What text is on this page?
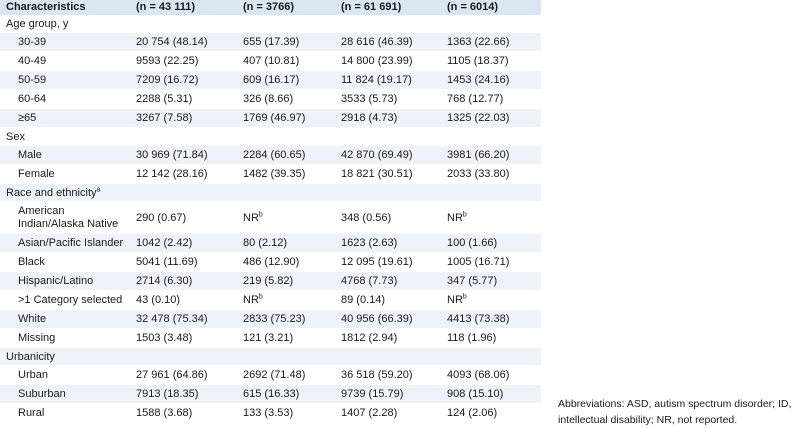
Characteristics	(n = 43 111)	(n = 3766)	(n = 61 691)	(n = 6014)
Age group, y				
30-39	20 754 (48.14)	655 (17.39)	28 616 (46.39)	1363 (22.66)
40-49	9593 (22.25)	407 (10.81)	14 800 (23.99)	1105 (18.37)
50-59	7209 (16.72)	609 (16.17)	11 824 (19.17)	1453 (24.16)
60-64	2288 (5.31)	326 (8.66)	3533 (5.73)	768 (12.77)
≥65	3267 (7.58)	1769 (46.97)	2918 (4.73)	1325 (22.03)
Sex				
Male	30 969 (71.84)	2284 (60.65)	42 870 (69.49)	3981 (66.20)
Female	12 142 (28.16)	1482 (39.35)	18 821 (30.51)	2033 (33.80)
Race and ethnicity$^a$
American Indian/Alaska Native	290 (0.67)	$NR^b$	348 (0.56)	$NR^b$
Asian/Pacific Islander	1042 (2.42)	80 (2.12)	1623 (2.63)	100 (1.66)
Black	5041 (11.69)	486 (12.90)	12 095 (19.61)	1005 (16.71)
Hispanic/Latino	2714 (6.30)	219 (5.82)	4768 (7.73)	347 (5.77)
>1 Category selected	43 (0.10)	$NR^b$	89 (0.14)	$NR^b$
White	32 478 (75.34)	2833 (75.23)	40 956 (66.39)	4413 (73.38)
Missing	1503 (3.48)	121 (3.21)	1812 (2.94)	118 (1.96)
Urbanicity				
Urban	27 961 (64.86)	2692 (71.48)	36 518 (59.20)	4093 (68.06)
Suburban	7913 (18.35)	615 (16.33)	9739 (15.79)	908 (15.10)
Rural	1588 (3.68)	133 (3.53)	1407 (2.28)	124 (2.06)
Abbreviations: ASD, autism spectrum disorder; ID, intellectual disability; NR, not reported.
